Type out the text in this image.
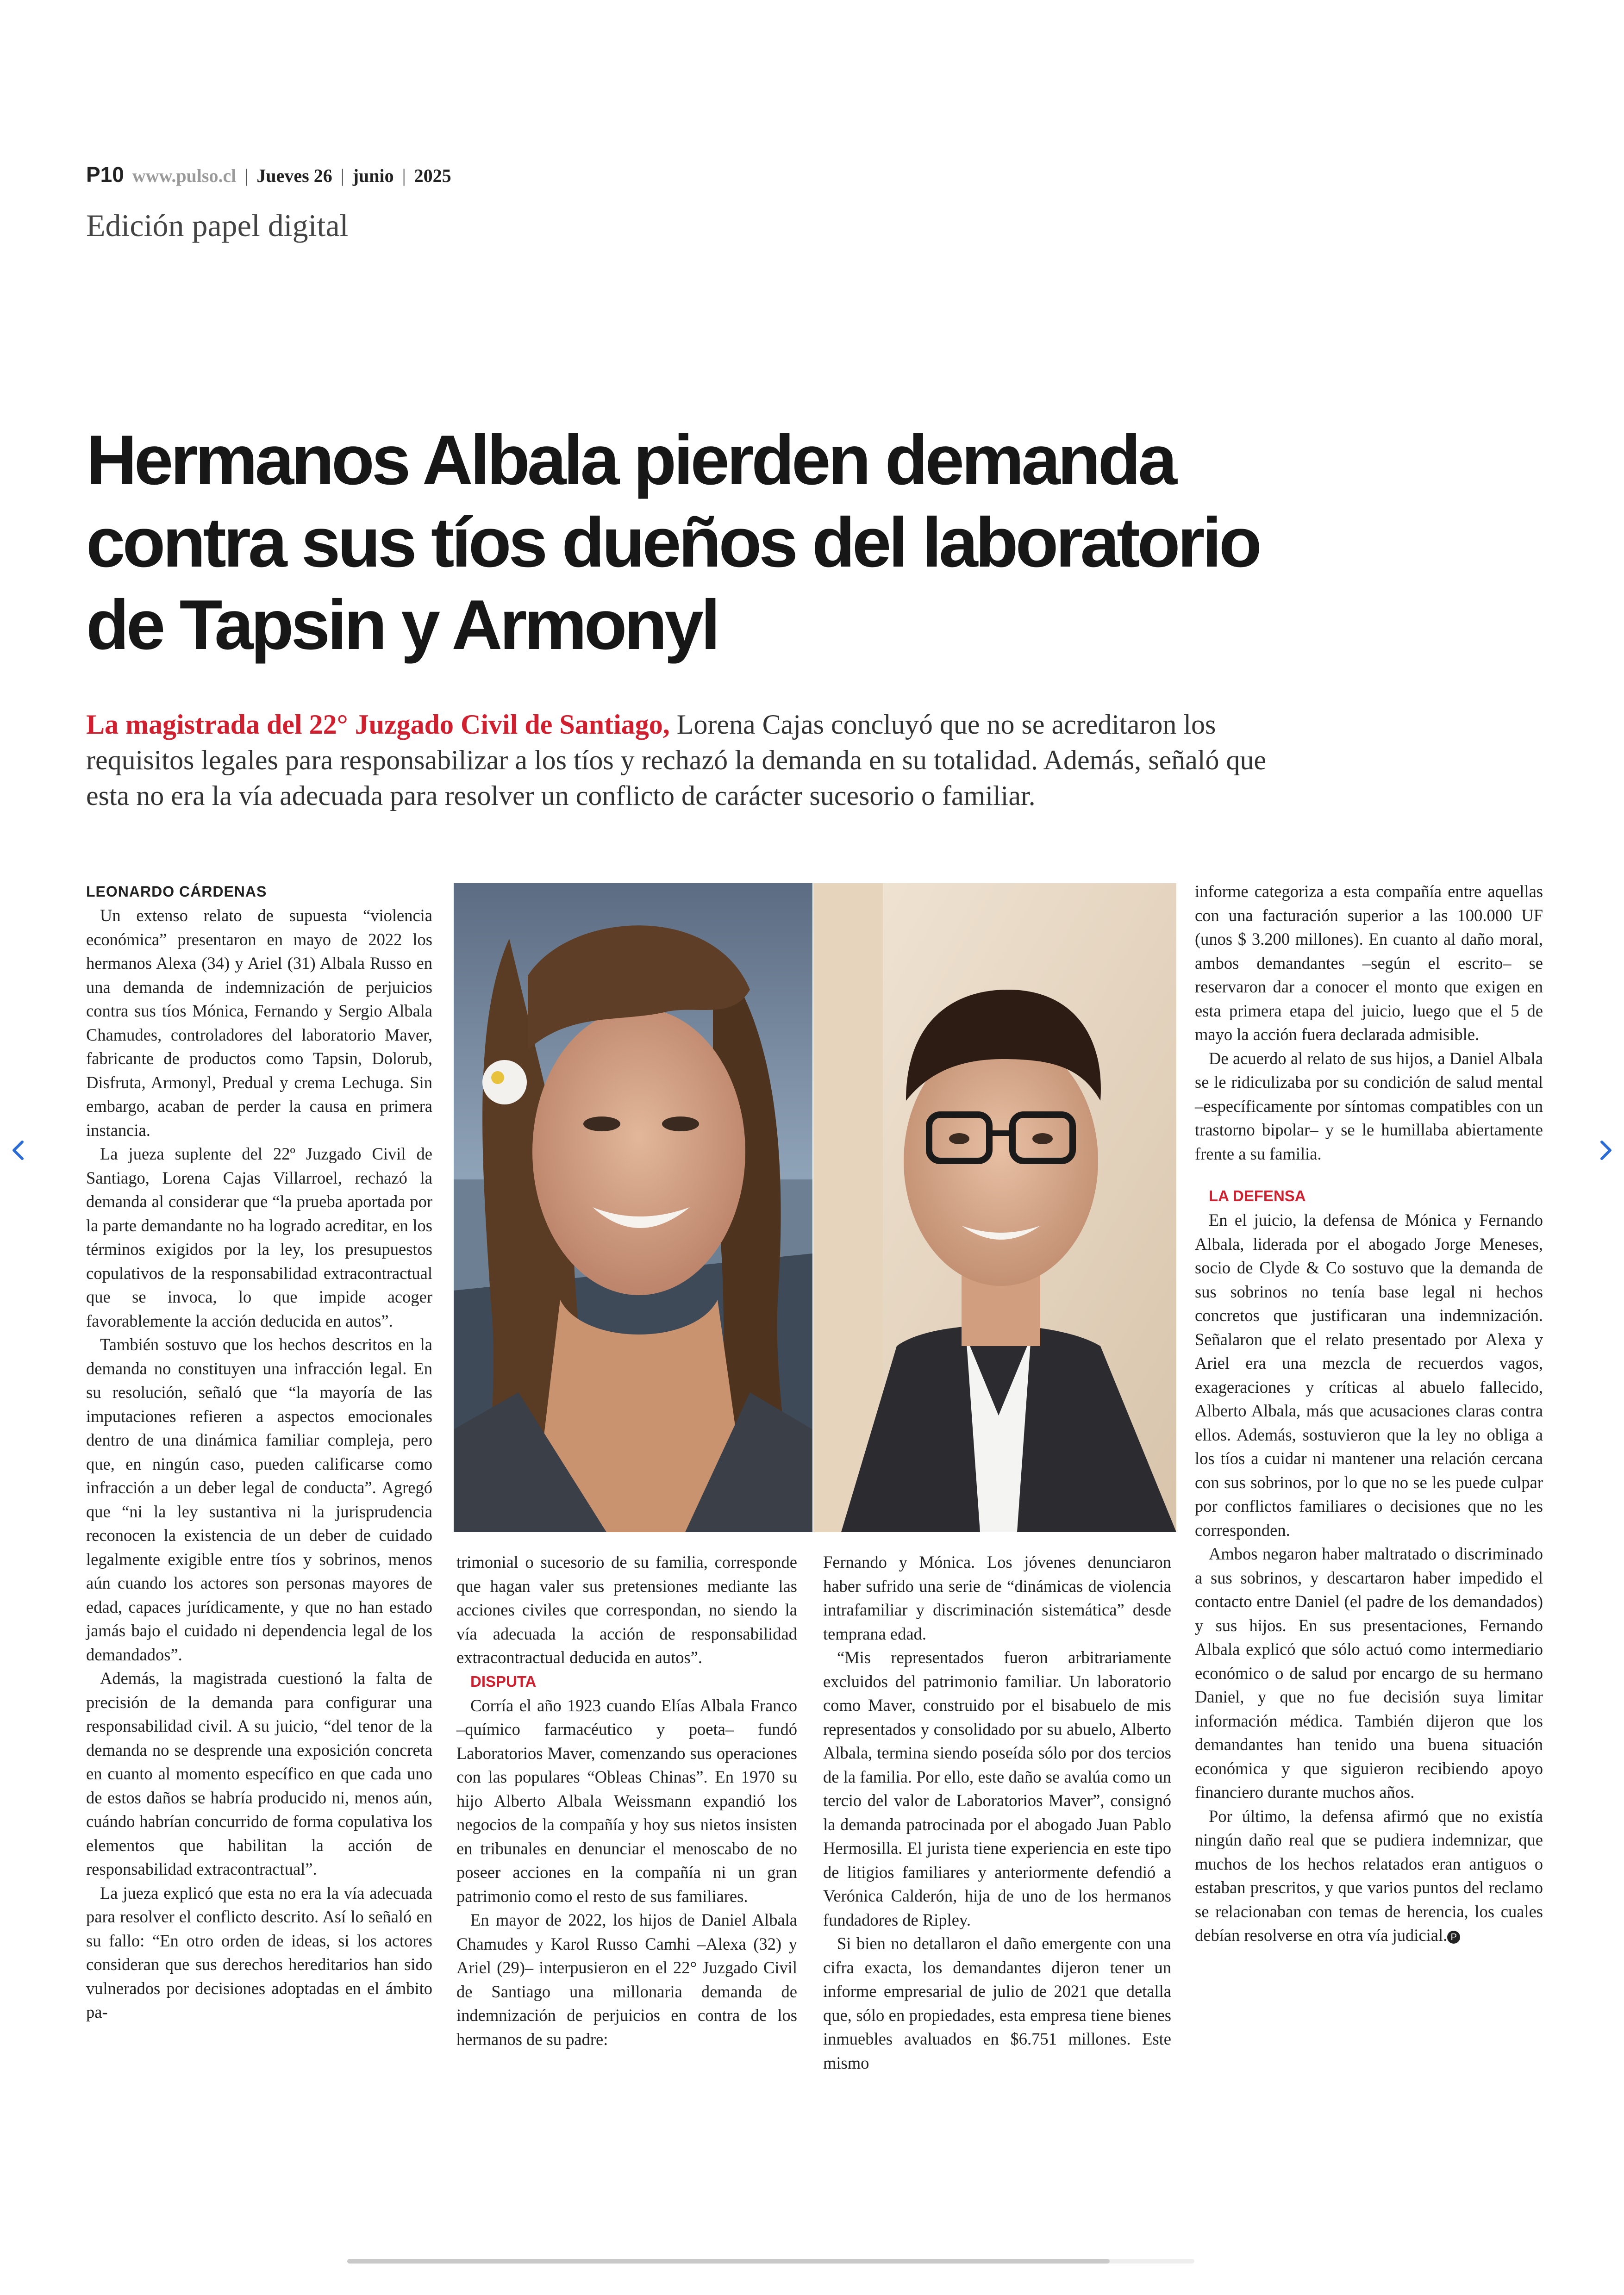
P10 www.pulso.cl | Jueves 26 | junio | 2025
Edición papel digital
Hermanos Albala pierden demanda
contra sus tíos dueños del laboratorio
de Tapsin y Armonyl

La magistrada del 22° Juzgado Civil de Santiago, Lorena Cajas concluyó que no se acreditaron los requisitos legales para responsabilizar a los tíos y rechazó la demanda en su totalidad. Además, señaló que esta no era la vía adecuada para resolver un conflicto de carácter sucesorio o familiar.

LEONARDO CÁRDENAS

Un extenso relato de supuesta “violencia económica” presentaron en mayo de 2022 los hermanos Alexa (34) y Ariel (31) Albala Russo en una demanda de indemnización de perjuicios contra sus tíos Mónica, Fernando y Sergio Albala Chamudes, controladores del laboratorio Maver, fabricante de productos como Tapsin, Dolorub, Disfruta, Armonyl, Predual y crema Lechuga. Sin embargo, acaban de perder la causa en primera instancia.

La jueza suplente del 22º Juzgado Civil de Santiago, Lorena Cajas Villarroel, rechazó la demanda al considerar que “la prueba aportada por la parte demandante no ha logrado acreditar, en los términos exigidos por la ley, los presupuestos copulativos de la responsabilidad extracontractual que se invoca, lo que impide acoger favorablemente la acción deducida en autos”.

También sostuvo que los hechos descritos en la demanda no constituyen una infracción legal. En su resolución, señaló que “la mayoría de las imputaciones refieren a aspectos emocionales dentro de una dinámica familiar compleja, pero que, en ningún caso, pueden calificarse como infracción a un deber legal de conducta”. Agregó que “ni la ley sustantiva ni la jurisprudencia reconocen la existencia de un deber de cuidado legalmente exigible entre tíos y sobrinos, menos aún cuando los actores son personas mayores de edad, capaces jurídicamente, y que no han estado jamás bajo el cuidado ni dependencia legal de los demandados”.

Además, la magistrada cuestionó la falta de precisión de la demanda para configurar una responsabilidad civil. A su juicio, “del tenor de la demanda no se desprende una exposición concreta en cuanto al momento específico en que cada uno de estos daños se habría producido ni, menos aún, cuándo habrían concurrido de forma copulativa los elementos que habilitan la acción de responsabilidad extracontractual”.

La jueza explicó que esta no era la vía adecuada para resolver el conflicto descrito. Así lo señaló en su fallo: “En otro orden de ideas, si los actores consideran que sus derechos hereditarios han sido vulnerados por decisiones adoptadas en el ámbito pa-

trimonial o sucesorio de su familia, corresponde que hagan valer sus pretensiones mediante las acciones civiles que correspondan, no siendo la vía adecuada la acción de responsabilidad extracontractual deducida en autos”.

DISPUTA

Corría el año 1923 cuando Elías Albala Franco –químico farmacéutico y poeta– fundó Laboratorios Maver, comenzando sus operaciones con las populares “Obleas Chinas”. En 1970 su hijo Alberto Albala Weissmann expandió los negocios de la compañía y hoy sus nietos insisten en tribunales en denunciar el menoscabo de no poseer acciones en la compañía ni un gran patrimonio como el resto de sus familiares.

En mayor de 2022, los hijos de Daniel Albala Chamudes y Karol Russo Camhi –Alexa (32) y Ariel (29)– interpusieron en el 22° Juzgado Civil de Santiago una millonaria demanda de indemnización de perjuicios en contra de los hermanos de su padre:

Fernando y Mónica. Los jóvenes denunciaron haber sufrido una serie de “dinámicas de violencia intrafamiliar y discriminación sistemática” desde temprana edad.

“Mis representados fueron arbitrariamente excluidos del patrimonio familiar. Un laboratorio como Maver, construido por el bisabuelo de mis representados y consolidado por su abuelo, Alberto Albala, termina siendo poseída sólo por dos tercios de la familia. Por ello, este daño se avalúa como un tercio del valor de Laboratorios Maver”, consignó la demanda patrocinada por el abogado Juan Pablo Hermosilla. El jurista tiene experiencia en este tipo de litigios familiares y anteriormente defendió a Verónica Calderón, hija de uno de los hermanos fundadores de Ripley.

Si bien no detallaron el daño emergente con una cifra exacta, los demandantes dijeron tener un informe empresarial de julio de 2021 que detalla que, sólo en propiedades, esta empresa tiene bienes inmuebles avaluados en $6.751 millones. Este mismo

informe categoriza a esta compañía entre aquellas con una facturación superior a las 100.000 UF (unos $ 3.200 millones). En cuanto al daño moral, ambos demandantes –según el escrito– se reservaron dar a conocer el monto que exigen en esta primera etapa del juicio, luego que el 5 de mayo la acción fuera declarada admisible.

De acuerdo al relato de sus hijos, a Daniel Albala se le ridiculizaba por su condición de salud mental –específicamente por síntomas compatibles con un trastorno bipolar– y se le humillaba abiertamente frente a su familia.

LA DEFENSA

En el juicio, la defensa de Mónica y Fernando Albala, liderada por el abogado Jorge Meneses, socio de Clyde & Co sostuvo que la demanda de sus sobrinos no tenía base legal ni hechos concretos que justificaran una indemnización. Señalaron que el relato presentado por Alexa y Ariel era una mezcla de recuerdos vagos, exageraciones y críticas al abuelo fallecido, Alberto Albala, más que acusaciones claras contra ellos. Además, sostuvieron que la ley no obliga a los tíos a cuidar ni mantener una relación cercana con sus sobrinos, por lo que no se les puede culpar por conflictos familiares o decisiones que no les corresponden.

Ambos negaron haber maltratado o discriminado a sus sobrinos, y descartaron haber impedido el contacto entre Daniel (el padre de los demandados) y sus hijos. En sus presentaciones, Fernando Albala explicó que sólo actuó como intermediario económico o de salud por encargo de su hermano Daniel, y que no fue decisión suya limitar información médica. También dijeron que los demandantes han tenido una buena situación económica y que siguieron recibiendo apoyo financiero durante muchos años.

Por último, la defensa afirmó que no existía ningún daño real que se pudiera indemnizar, que muchos de los hechos relatados eran antiguos o estaban prescritos, y que varios puntos del reclamo se relacionaban con temas de herencia, los cuales debían resolverse en otra vía judicial. P
